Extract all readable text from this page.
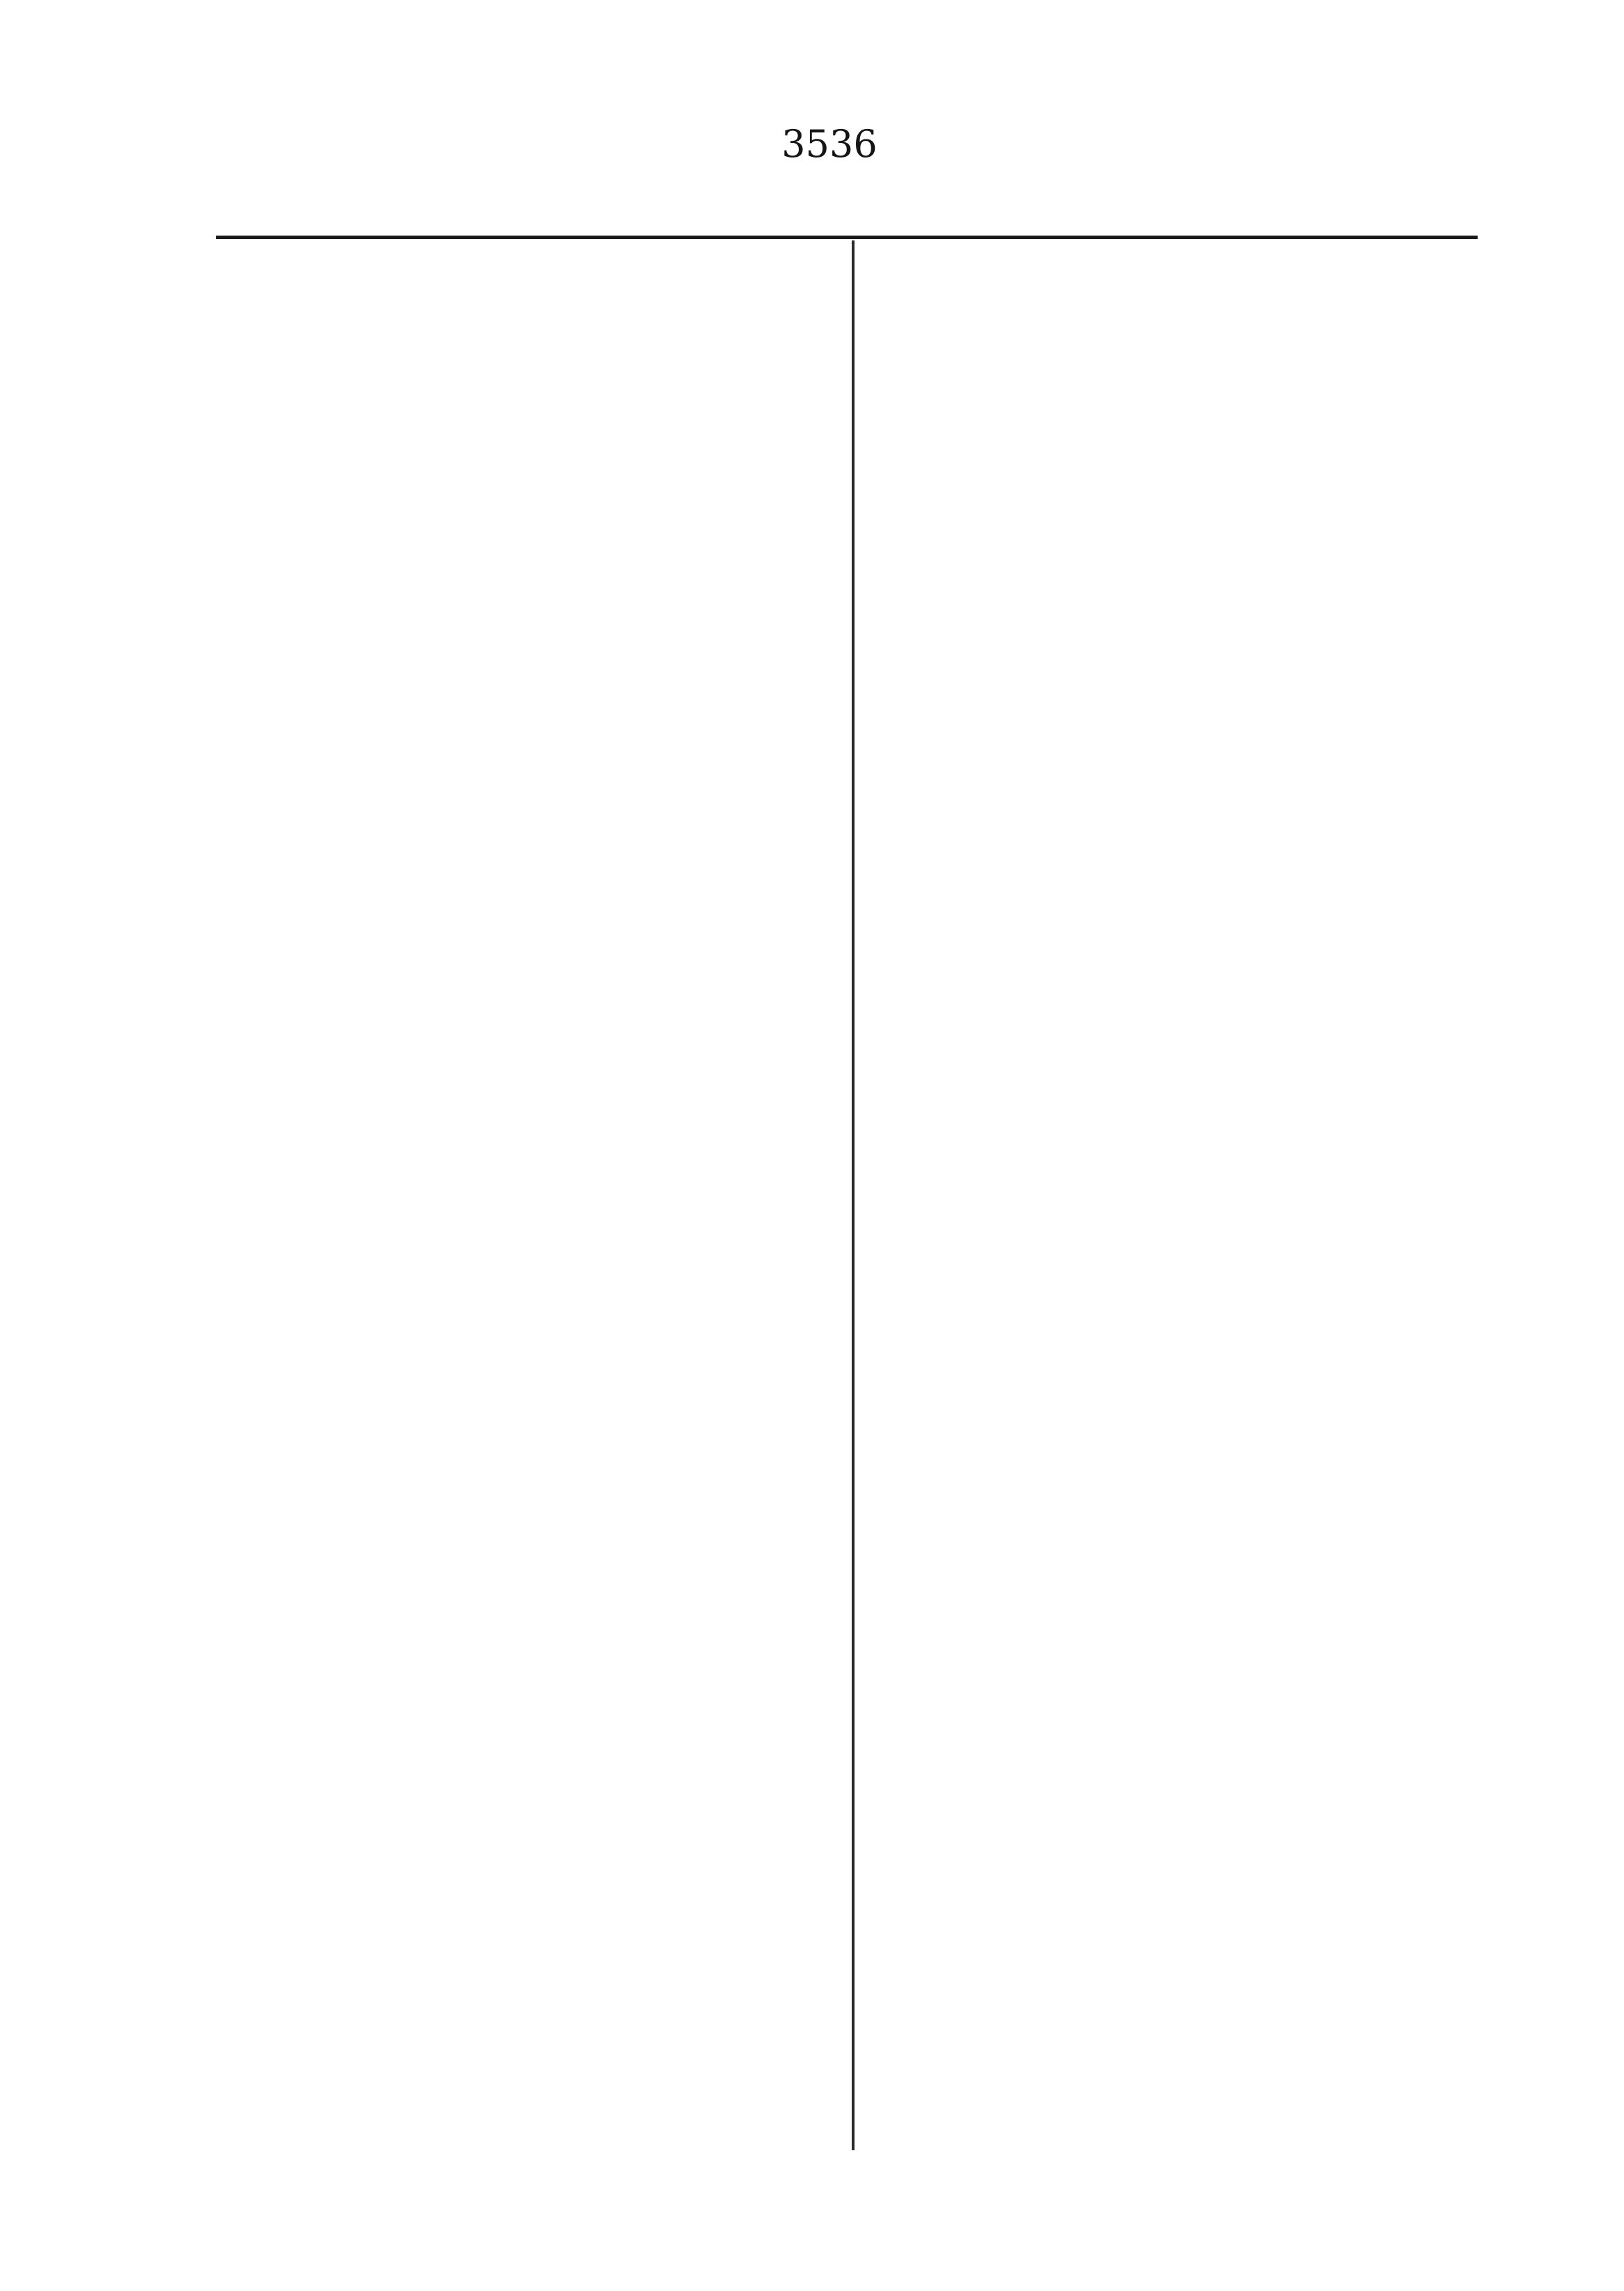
3536
